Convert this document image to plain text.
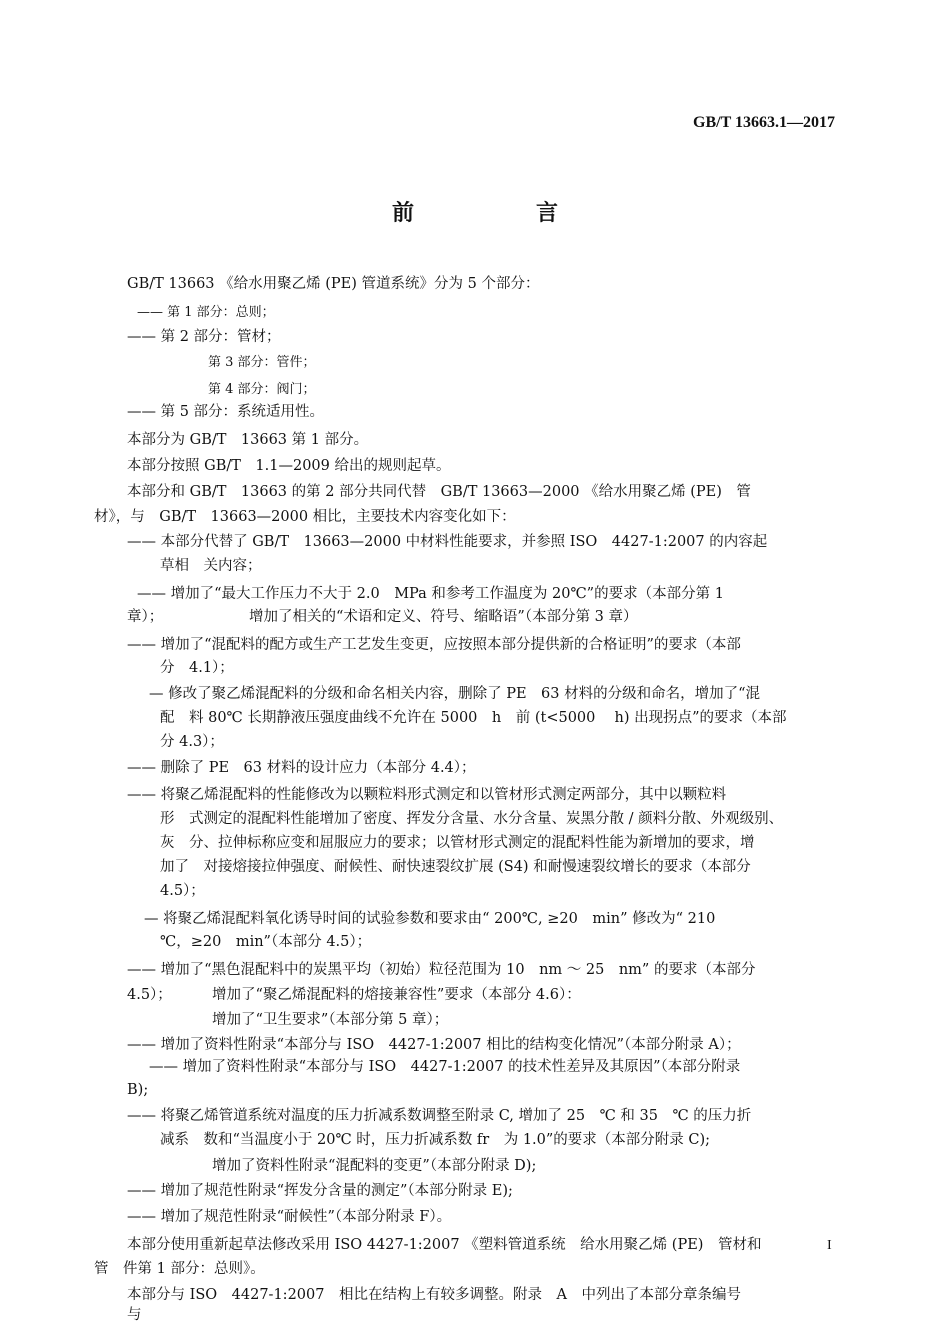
GB/T 13663.1—2017
前　言
GB/T 13663 《给水用聚乙烯 (PE) 管道系统》分为 5 个部分：
—— 第 1 部分：总则；
—— 第 2 部分：管材；
第 3 部分：管件；
第 4 部分：阀门；
—— 第 5 部分：系统适用性。
本部分为 GB/T　13663 第 1 部分。
本部分按照 GB/T　1.1—2009 给出的规则起草。
本部分和 GB/T　13663 的第 2 部分共同代替　GB/T 13663—2000 《给水用聚乙烯 (PE)　管
材》，与　GB/T　13663—2000 相比，主要技术内容变化如下：
—— 本部分代替了 GB/T　13663—2000 中材料性能要求，并参照 ISO　4427-1:2007 的内容起
草相　关内容；
—— 增加了“最大工作压力不大于 2.0　MPa 和参考工作温度为 20℃”的要求（本部分第 1
章）；	增加了相关的“术语和定义、符号、缩略语”（本部分第 3 章）
—— 增加了“混配料的配方或生产工艺发生变更，应按照本部分提供新的合格证明”的要求（本部
分　4.1）；
— 修改了聚乙烯混配料的分级和命名相关内容，删除了 PE　63 材料的分级和命名，增加了“混
配　料 80℃ 长期静液压强度曲线不允许在 5000　h　前 (t<5000　 h) 出现拐点”的要求（本部
分 4.3）；
—— 删除了 PE　63 材料的设计应力（本部分 4.4）；
—— 将聚乙烯混配料的性能修改为以颗粒料形式测定和以管材形式测定两部分，其中以颗粒料
形　式测定的混配料性能增加了密度、挥发分含量、水分含量、炭黑分散 / 颜料分散、外观级别、
灰　分、拉伸标称应变和屈服应力的要求；以管材形式测定的混配料性能为新增加的要求，增
加了　对接熔接拉伸强度、耐候性、耐快速裂纹扩展 (S4) 和耐慢速裂纹增长的要求（本部分
4.5）；
— 将聚乙烯混配料氧化诱导时间的试验参数和要求由“ 200℃, ≥20　min” 修改为“ 210
℃，≥20　min”（本部分 4.5）；
—— 增加了“黑色混配料中的炭黑平均（初始）粒径范围为 10　nm ～ 25　nm” 的要求（本部分
4.5）；	增加了“聚乙烯混配料的熔接兼容性”要求（本部分 4.6）：
增加了“卫生要求”（本部分第 5 章）；
—— 增加了资料性附录“本部分与 ISO　4427-1:2007 相比的结构变化情况”（本部分附录 A）；
—— 增加了资料性附录“本部分与 ISO　4427-1:2007 的技术性差异及其原因”（本部分附录
B);
—— 将聚乙烯管道系统对温度的压力折减系数调整至附录 C, 增加了 25　℃ 和 35　℃ 的压力折
减系　数和“当温度小于 20℃ 时，压力折减系数 fr　为 1.0”的要求（本部分附录 C);
增加了资料性附录“混配料的变更”（本部分附录 D);
—— 增加了规范性附录“挥发分含量的测定”（本部分附录 E);
—— 增加了规范性附录“耐候性”（本部分附录 F）。
本部分使用重新起草法修改采用 ISO 4427-1:2007 《塑料管道系统　给水用聚乙烯 (PE)　管材和
管　件第 1 部分：总则》。
本部分与 ISO　4427-1:2007　相比在结构上有较多调整。附录　A　中列出了本部分章条编号
与
I
